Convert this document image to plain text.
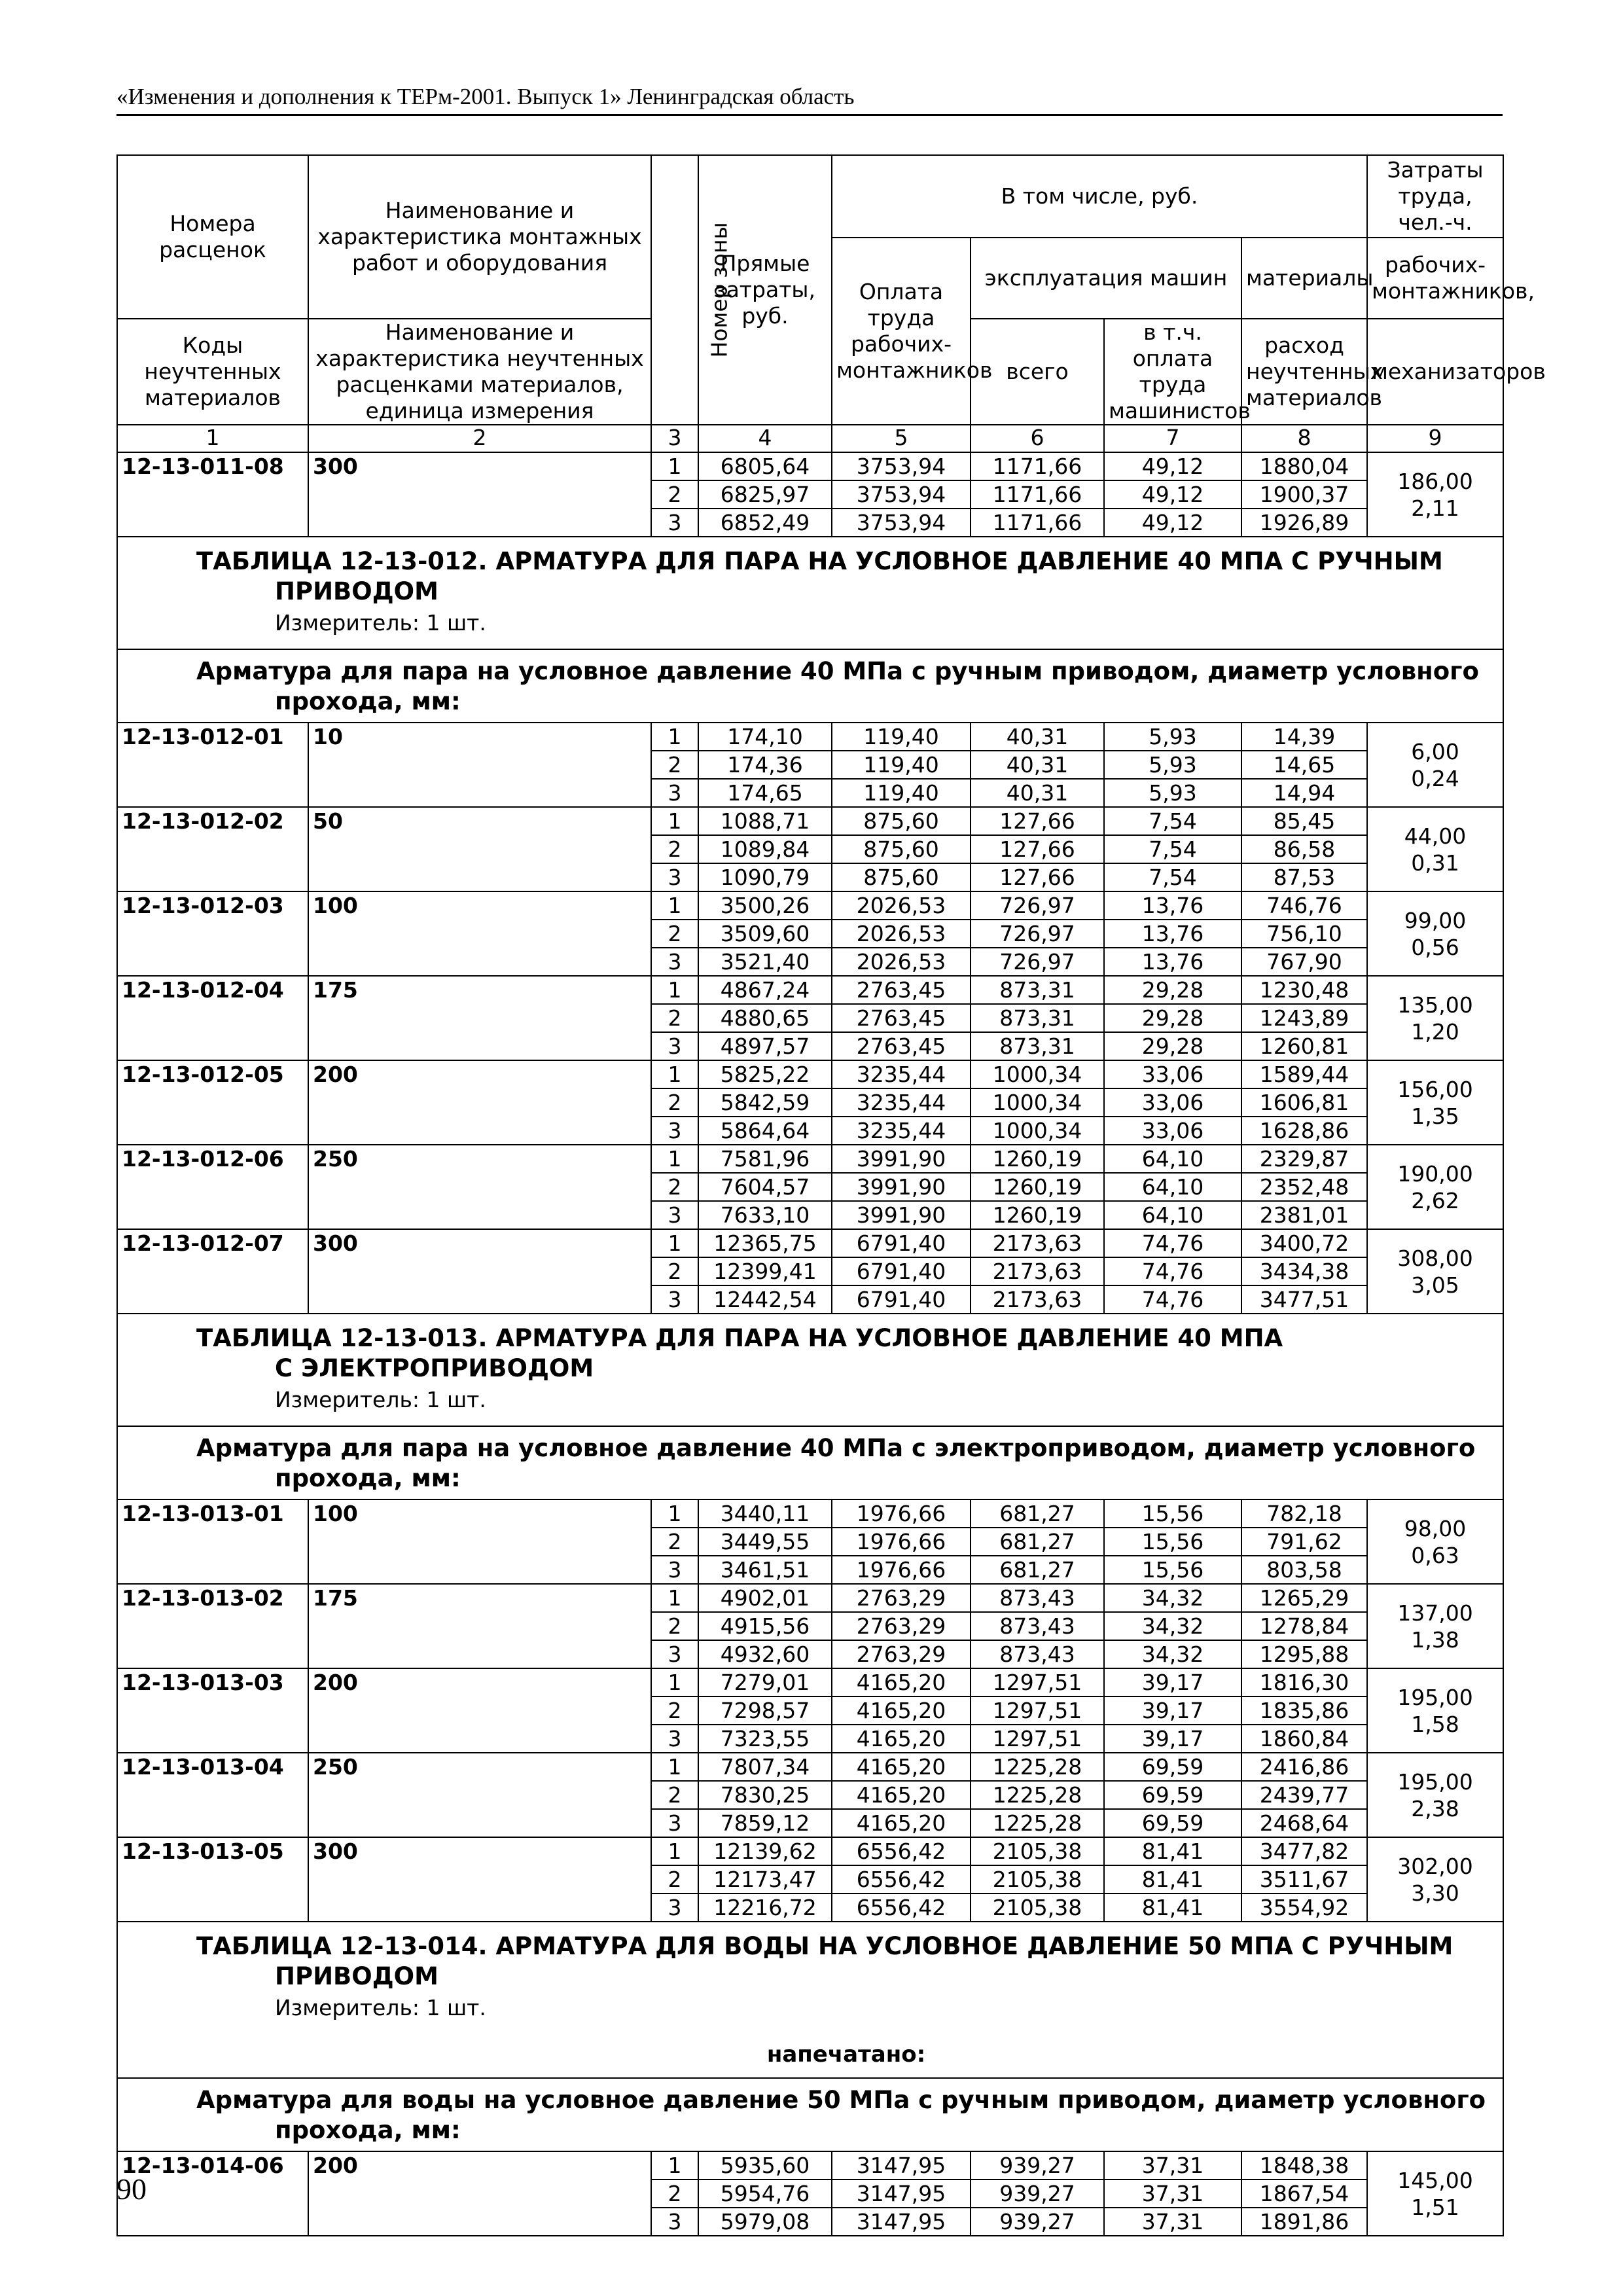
«Изменения и дополнения к ТЕРм-2001. Выпуск 1» Ленинградская область
Номера расценок	Наименование и характеристика монтажных работ и оборудования	Номер зоны	Прямые затраты, руб.	В том числе, руб.				Затраты труда, чел.-ч.
				Оплата труда рабочих-монтажников	эксплуатация машин		материалы	рабочих-монтажников,
Коды неучтенных материалов	Наименование и характеристика неучтенных расценками материалов, единица измерения				всего	в т.ч. оплата труда машинистов	расход неучтенных материалов	механизаторов

1	2	3	4	5	6	7	8	9
12-13-011-08	300	1	6805,64	3753,94	1171,66	49,12	1880,04	186,00
2,11

		2	6825,97	3753,94	1171,66	49,12	1900,37	
		3	6852,49	3753,94	1171,66	49,12	1926,89	

ТАБЛИЦА 12-13-012. АРМАТУРА ДЛЯ ПАРА НА УСЛОВНОЕ ДАВЛЕНИЕ 40 МПА С РУЧНЫМ
ПРИВОДОМ
Измеритель: 1 шт.								

Арматура для пара на условное давление 40 МПа с ручным приводом, диаметр условного
прохода, мм:								

12-13-012-01	10	1	174,10	119,40	40,31	5,93	14,39	6,00
0,24

		2	174,36	119,40	40,31	5,93	14,65	
		3	174,65	119,40	40,31	5,93	14,94	
12-13-012-02	50	1	1088,71	875,60	127,66	7,54	85,45	44,00
0,31

		2	1089,84	875,60	127,66	7,54	86,58	
		3	1090,79	875,60	127,66	7,54	87,53	
12-13-012-03	100	1	3500,26	2026,53	726,97	13,76	746,76	99,00
0,56

		2	3509,60	2026,53	726,97	13,76	756,10	
		3	3521,40	2026,53	726,97	13,76	767,90	
12-13-012-04	175	1	4867,24	2763,45	873,31	29,28	1230,48	135,00
1,20

		2	4880,65	2763,45	873,31	29,28	1243,89	
		3	4897,57	2763,45	873,31	29,28	1260,81	
12-13-012-05	200	1	5825,22	3235,44	1000,34	33,06	1589,44	156,00
1,35

		2	5842,59	3235,44	1000,34	33,06	1606,81	
		3	5864,64	3235,44	1000,34	33,06	1628,86	
12-13-012-06	250	1	7581,96	3991,90	1260,19	64,10	2329,87	190,00
2,62

		2	7604,57	3991,90	1260,19	64,10	2352,48	
		3	7633,10	3991,90	1260,19	64,10	2381,01	
12-13-012-07	300	1	12365,75	6791,40	2173,63	74,76	3400,72	308,00
3,05

		2	12399,41	6791,40	2173,63	74,76	3434,38	
		3	12442,54	6791,40	2173,63	74,76	3477,51	

ТАБЛИЦА 12-13-013. АРМАТУРА ДЛЯ ПАРА НА УСЛОВНОЕ ДАВЛЕНИЕ 40 МПА
С ЭЛЕКТРОПРИВОДОМ
Измеритель: 1 шт.								

Арматура для пара на условное давление 40 МПа с электроприводом, диаметр условного
прохода, мм:								

12-13-013-01	100	1	3440,11	1976,66	681,27	15,56	782,18	98,00
0,63

		2	3449,55	1976,66	681,27	15,56	791,62	
		3	3461,51	1976,66	681,27	15,56	803,58	
12-13-013-02	175	1	4902,01	2763,29	873,43	34,32	1265,29	137,00
1,38

		2	4915,56	2763,29	873,43	34,32	1278,84	
		3	4932,60	2763,29	873,43	34,32	1295,88	
12-13-013-03	200	1	7279,01	4165,20	1297,51	39,17	1816,30	195,00
1,58

		2	7298,57	4165,20	1297,51	39,17	1835,86	
		3	7323,55	4165,20	1297,51	39,17	1860,84	
12-13-013-04	250	1	7807,34	4165,20	1225,28	69,59	2416,86	195,00
2,38

		2	7830,25	4165,20	1225,28	69,59	2439,77	
		3	7859,12	4165,20	1225,28	69,59	2468,64	
12-13-013-05	300	1	12139,62	6556,42	2105,38	81,41	3477,82	302,00
3,30

		2	12173,47	6556,42	2105,38	81,41	3511,67	
		3	12216,72	6556,42	2105,38	81,41	3554,92	

ТАБЛИЦА 12-13-014. АРМАТУРА ДЛЯ ВОДЫ НА УСЛОВНОЕ ДАВЛЕНИЕ 50 МПА С РУЧНЫМ
ПРИВОДОМ
Измеритель: 1 шт.
напечатано:								

Арматура для воды на условное давление 50 МПа с ручным приводом, диаметр условного
прохода, мм:								

12-13-014-06	200	1	5935,60	3147,95	939,27	37,31	1848,38	145,00
1,51

		2	5954,76	3147,95	939,27	37,31	1867,54	
		3	5979,08	3147,95	939,27	37,31	1891,86	
90
